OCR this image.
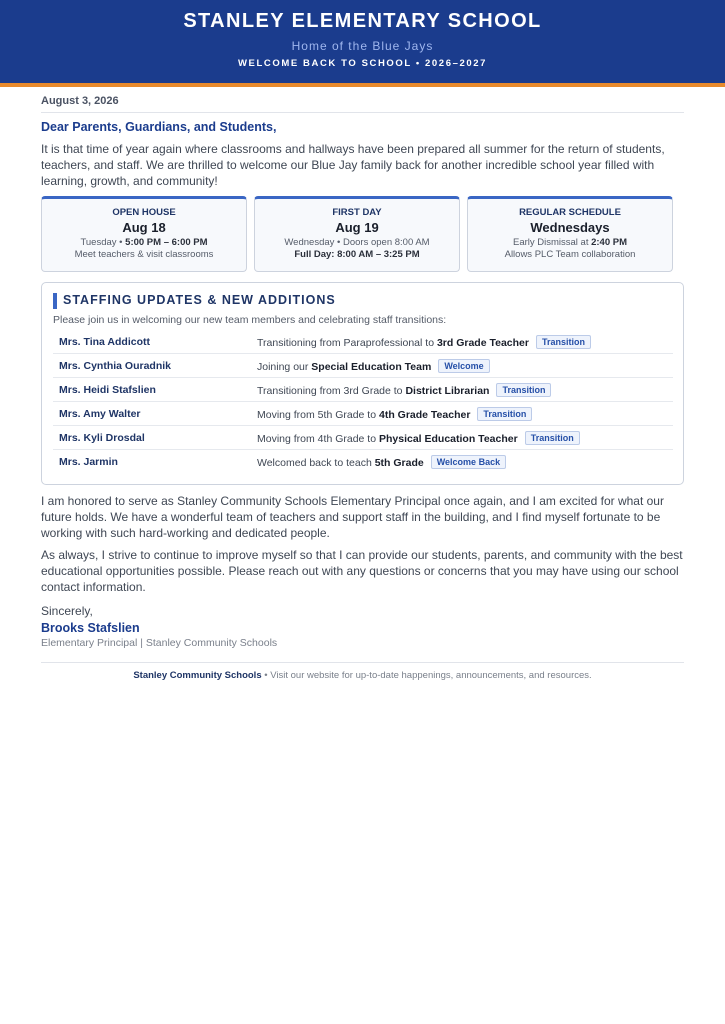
STANLEY ELEMENTARY SCHOOL
Home of the Blue Jays
WELCOME BACK TO SCHOOL • 2026–2027
August 3, 2026
Dear Parents, Guardians, and Students,
It is that time of year again where classrooms and hallways have been prepared all summer for the return of students, teachers, and staff. We are thrilled to welcome our Blue Jay family back for another incredible school year filled with learning, growth, and community!
OPEN HOUSE
Aug 18
Tuesday • 5:00 PM – 6:00 PM
Meet teachers & visit classrooms
FIRST DAY
Aug 19
Wednesday • Doors open 8:00 AM
Full Day: 8:00 AM – 3:25 PM
REGULAR SCHEDULE
Wednesdays
Early Dismissal at 2:40 PM
Allows PLC Team collaboration
STAFFING UPDATES & NEW ADDITIONS
Please join us in welcoming our new team members and celebrating staff transitions:
Mrs. Tina Addicott	Transitioning from Paraprofessional to 3rd Grade Teacher Transition
Mrs. Cynthia Ouradnik	Joining our Special Education Team Welcome
Mrs. Heidi Stafslien	Transitioning from 3rd Grade to District Librarian Transition
Mrs. Amy Walter	Moving from 5th Grade to 4th Grade Teacher Transition
Mrs. Kyli Drosdal	Moving from 4th Grade to Physical Education Teacher Transition
Mrs. Jarmin	Welcomed back to teach 5th Grade Welcome Back
I am honored to serve as Stanley Community Schools Elementary Principal once again, and I am excited for what our future holds. We have a wonderful team of teachers and support staff in the building, and I find myself fortunate to be working with such hard-working and dedicated people.
As always, I strive to continue to improve myself so that I can provide our students, parents, and community with the best educational opportunities possible. Please reach out with any questions or concerns that you may have using our school contact information.
Sincerely,
Brooks Stafslien
Elementary Principal | Stanley Community Schools
Stanley Community Schools • Visit our website for up-to-date happenings, announcements, and resources.
